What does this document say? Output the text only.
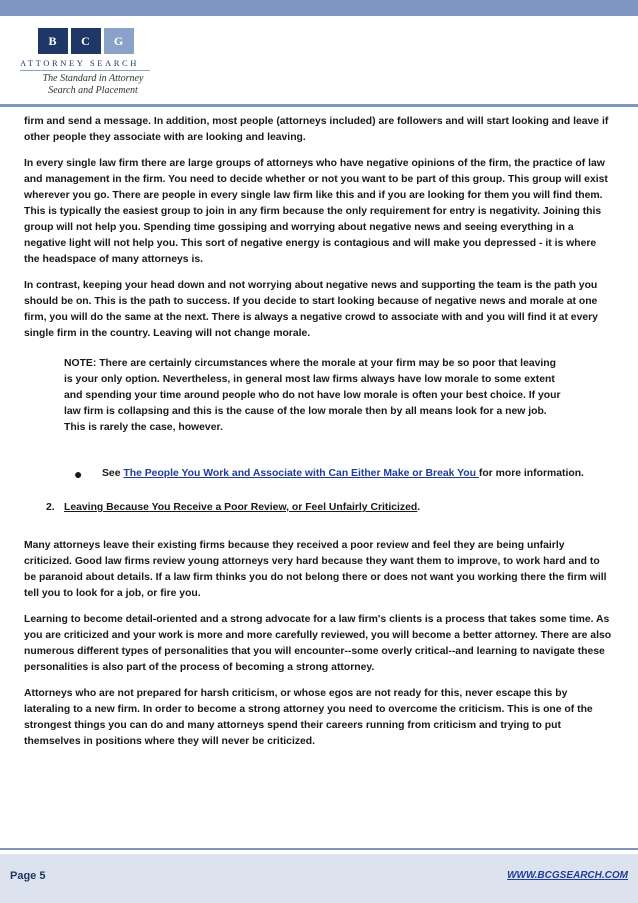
B	C	G
ATTORNEY SEARCH
The Standard in Attorney
Search and Placement

firm and send a message. In addition, most people (attorneys included) are followers and will start looking and leave if other people they associate with are looking and leaving.

In every single law firm there are large groups of attorneys who have negative opinions of the firm, the practice of law and management in the firm. You need to decide whether or not you want to be part of this group. This group will exist wherever you go. There are people in every single law firm like this and if you are looking for them you will find them. This is typically the easiest group to join in any firm because the only requirement for entry is negativity. Joining this group will not help you. Spending time gossiping and worrying about negative news and seeing everything in a negative light will not help you. This sort of negative energy is contagious and will make you depressed - it is where the headspace of many attorneys is.

In contrast, keeping your head down and not worrying about negative news and supporting the team is the path you should be on. This is the path to success. If you decide to start looking because of negative news and morale at one firm, you will do the same at the next. There is always a negative crowd to associate with and you will find it at every single firm in the country. Leaving will not change morale.

NOTE: There are certainly circumstances where the morale at your firm may be so poor that leaving is your only option. Nevertheless, in general most law firms always have low morale to some extent and spending your time around people who do not have low morale is often your best choice. If your law firm is collapsing and this is the cause of the low morale then by all means look for a new job. This is rarely the case, however.
●	See The People You Work and Associate with Can Either Make or Break You for more information.
2. Leaving Because You Receive a Poor Review, or Feel Unfairly Criticized.

Many attorneys leave their existing firms because they received a poor review and feel they are being unfairly criticized. Good law firms review young attorneys very hard because they want them to improve, to work hard and to be paranoid about details. If a law firm thinks you do not belong there or does not want you working there the firm will tell you to look for a job, or fire you.

Learning to become detail-oriented and a strong advocate for a law firm's clients is a process that takes some time. As you are criticized and your work is more and more carefully reviewed, you will become a better attorney. There are also numerous different types of personalities that you will encounter--some overly critical--and learning to navigate these personalities is also part of the process of becoming a strong attorney.

Attorneys who are not prepared for harsh criticism, or whose egos are not ready for this, never escape this by lateraling to a new firm. In order to become a strong attorney you need to overcome the criticism. This is one of the strongest things you can do and many attorneys spend their careers running from criticism and trying to put themselves in positions where they will never be criticized.

Page 5	WWW.BCGSEARCH.COM
